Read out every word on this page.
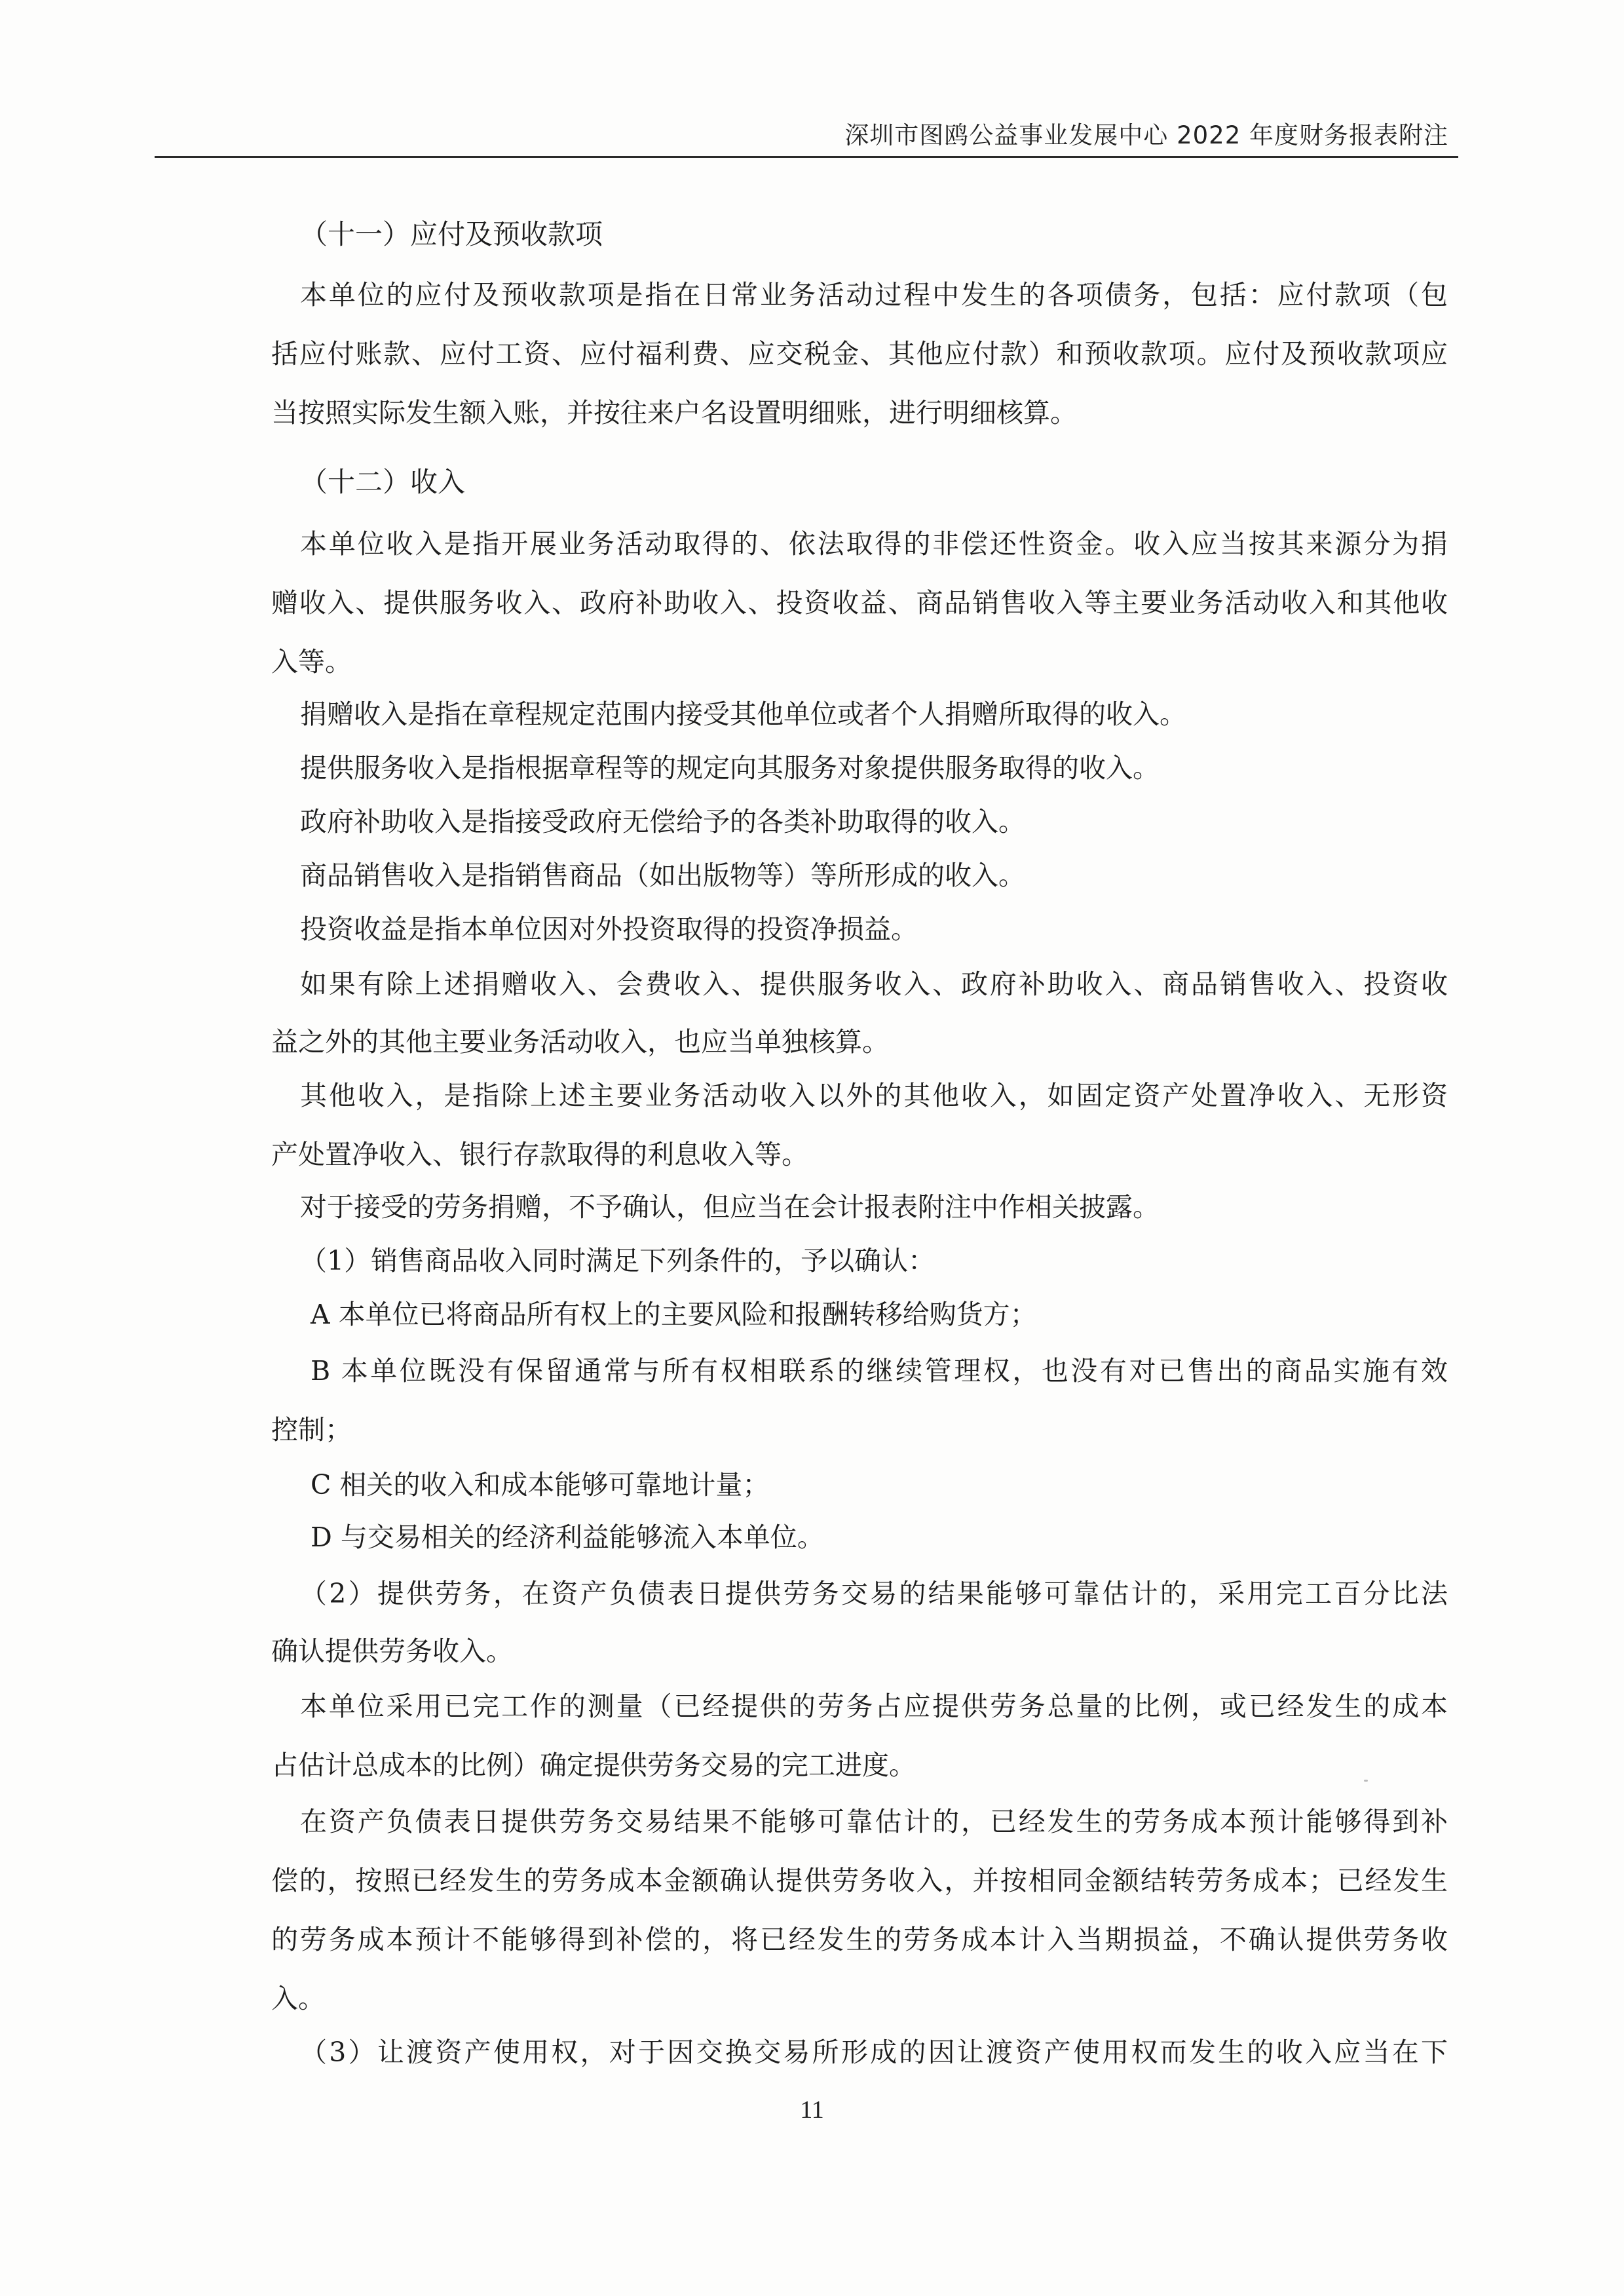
深圳市图鸥公益事业发展中心 2022 年度财务报表附注
（十一）应付及预收款项
本单位的应付及预收款项是指在日常业务活动过程中发生的各项债务，包括：应付款项（包
括应付账款、应付工资、应付福利费、应交税金、其他应付款）和预收款项。应付及预收款项应
当按照实际发生额入账，并按往来户名设置明细账，进行明细核算。
（十二）收入
本单位收入是指开展业务活动取得的、依法取得的非偿还性资金。收入应当按其来源分为捐
赠收入、提供服务收入、政府补助收入、投资收益、商品销售收入等主要业务活动收入和其他收
入等。
捐赠收入是指在章程规定范围内接受其他单位或者个人捐赠所取得的收入。
提供服务收入是指根据章程等的规定向其服务对象提供服务取得的收入。
政府补助收入是指接受政府无偿给予的各类补助取得的收入。
商品销售收入是指销售商品（如出版物等）等所形成的收入。
投资收益是指本单位因对外投资取得的投资净损益。
如果有除上述捐赠收入、会费收入、提供服务收入、政府补助收入、商品销售收入、投资收
益之外的其他主要业务活动收入，也应当单独核算。
其他收入，是指除上述主要业务活动收入以外的其他收入，如固定资产处置净收入、无形资
产处置净收入、银行存款取得的利息收入等。
对于接受的劳务捐赠，不予确认，但应当在会计报表附注中作相关披露。
（1）销售商品收入同时满足下列条件的，予以确认：
A 本单位已将商品所有权上的主要风险和报酬转移给购货方；
B 本单位既没有保留通常与所有权相联系的继续管理权，也没有对已售出的商品实施有效
控制；
C 相关的收入和成本能够可靠地计量；
D 与交易相关的经济利益能够流入本单位。
（2）提供劳务，在资产负债表日提供劳务交易的结果能够可靠估计的，采用完工百分比法
确认提供劳务收入。
本单位采用已完工作的测量（已经提供的劳务占应提供劳务总量的比例，或已经发生的成本
占估计总成本的比例）确定提供劳务交易的完工进度。
在资产负债表日提供劳务交易结果不能够可靠估计的，已经发生的劳务成本预计能够得到补
偿的，按照已经发生的劳务成本金额确认提供劳务收入，并按相同金额结转劳务成本；已经发生
的劳务成本预计不能够得到补偿的，将已经发生的劳务成本计入当期损益，不确认提供劳务收
入。
（3）让渡资产使用权，对于因交换交易所形成的因让渡资产使用权而发生的收入应当在下
11
